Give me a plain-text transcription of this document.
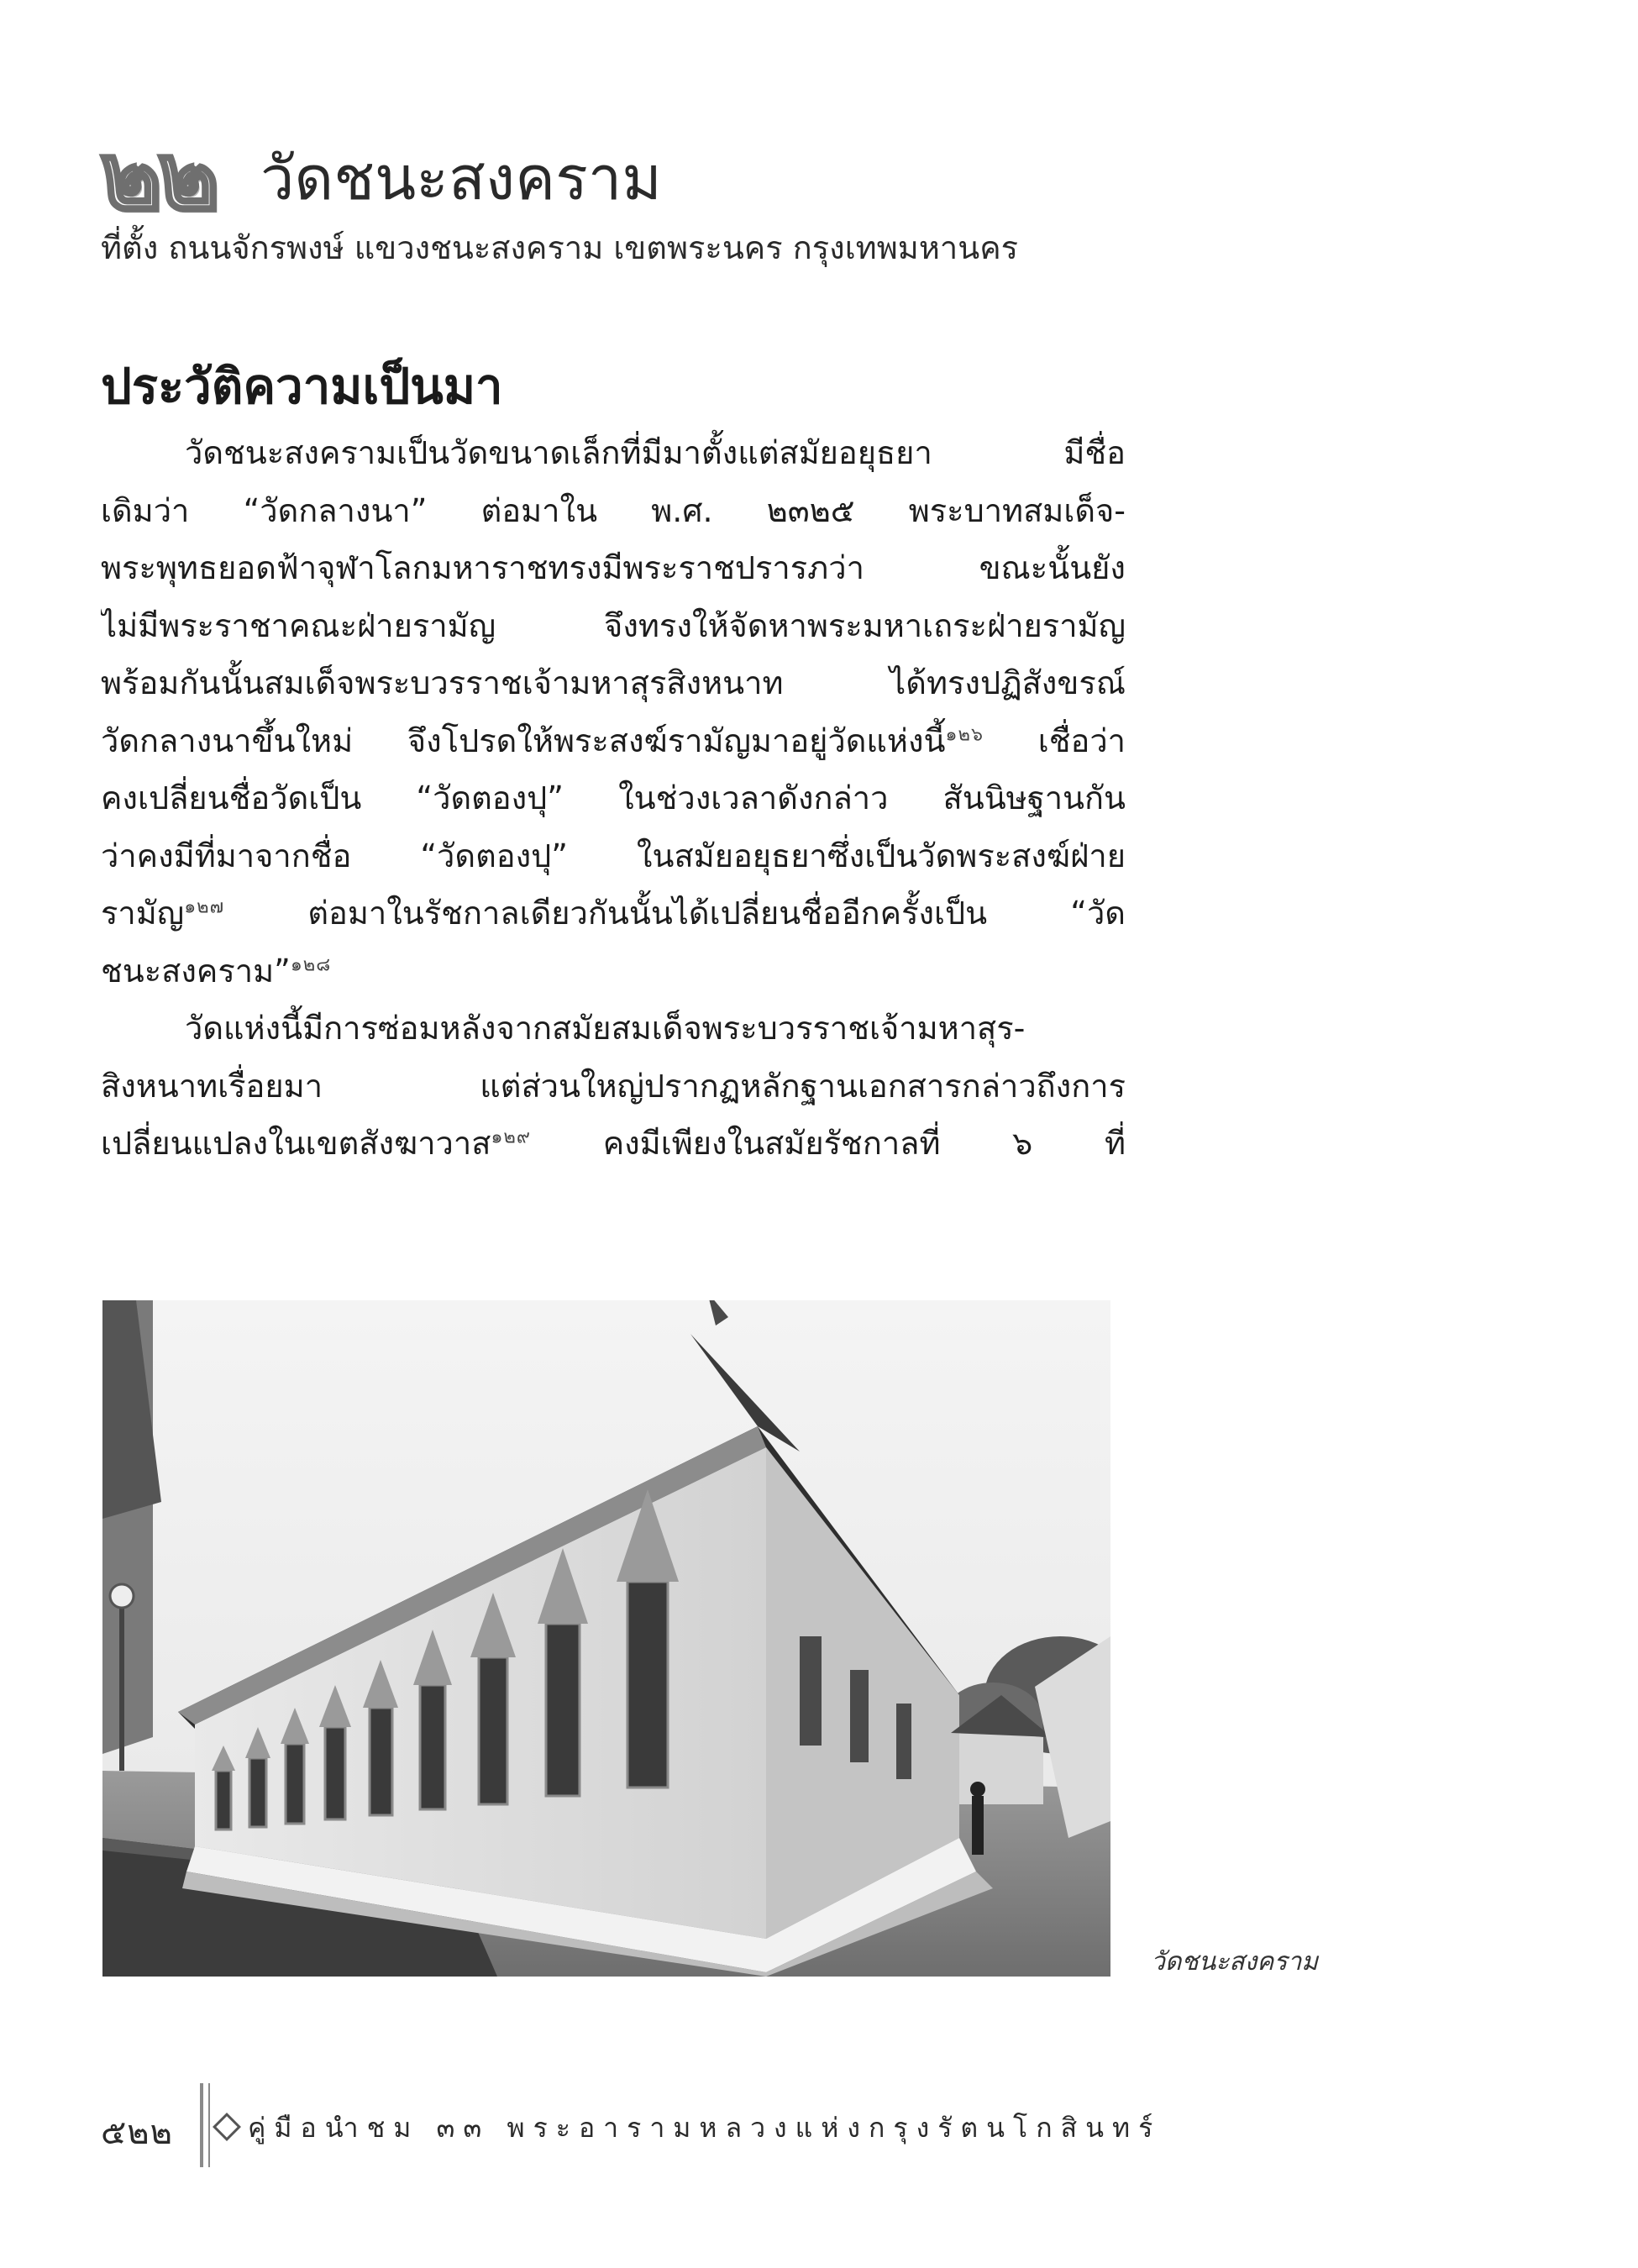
๒๒ วัดชนะสงคราม
ที่ตั้ง ถนนจักรพงษ์ แขวงชนะสงคราม เขตพระนคร กรุงเทพมหานคร
ประวัติความเป็นมา

วัดชนะสงครามเป็นวัดขนาดเล็กที่มีมาตั้งแต่สมัยอยุธยา มีชื่อ
เดิมว่า “วัดกลางนา” ต่อมาใน พ.ศ. ๒๓๒๕ พระบาทสมเด็จ-
พระพุทธยอดฟ้าจุฬาโลกมหาราชทรงมีพระราชปรารภว่า ขณะนั้นยัง
ไม่มีพระราชาคณะฝ่ายรามัญ จึงทรงให้จัดหาพระมหาเถระฝ่ายรามัญ
พร้อมกันนั้นสมเด็จพระบวรราชเจ้ามหาสุรสิงหนาท ได้ทรงปฏิสังขรณ์
วัดกลางนาขึ้นใหม่ จึงโปรดให้พระสงฆ์รามัญมาอยู่วัดแห่งนี้$^{๑๒๖}$ เชื่อว่า
คงเปลี่ยนชื่อวัดเป็น “วัดตองปุ” ในช่วงเวลาดังกล่าว สันนิษฐานกัน
ว่าคงมีที่มาจากชื่อ “วัดตองปุ” ในสมัยอยุธยาซึ่งเป็นวัดพระสงฆ์ฝ่าย
รามัญ$^{๑๒๗}$ ต่อมาในรัชกาลเดียวกันนั้นได้เปลี่ยนชื่ออีกครั้งเป็น “วัด
ชนะสงคราม”$^{๑๒๘}$

วัดแห่งนี้มีการซ่อมหลังจากสมัยสมเด็จพระบวรราชเจ้ามหาสุร-
สิงหนาทเรื่อยมา แต่ส่วนใหญ่ปรากฏหลักฐานเอกสารกล่าวถึงการ
เปลี่ยนแปลงในเขตสังฆาวาส$^{๑๒๙}$ คงมีเพียงในสมัยรัชกาลที่ ๖ ที่

วัดชนะสงคราม
๕๒๒	คู่มือนำชม ๓๓ พระอารามหลวงแห่งกรุงรัตนโกสินทร์
